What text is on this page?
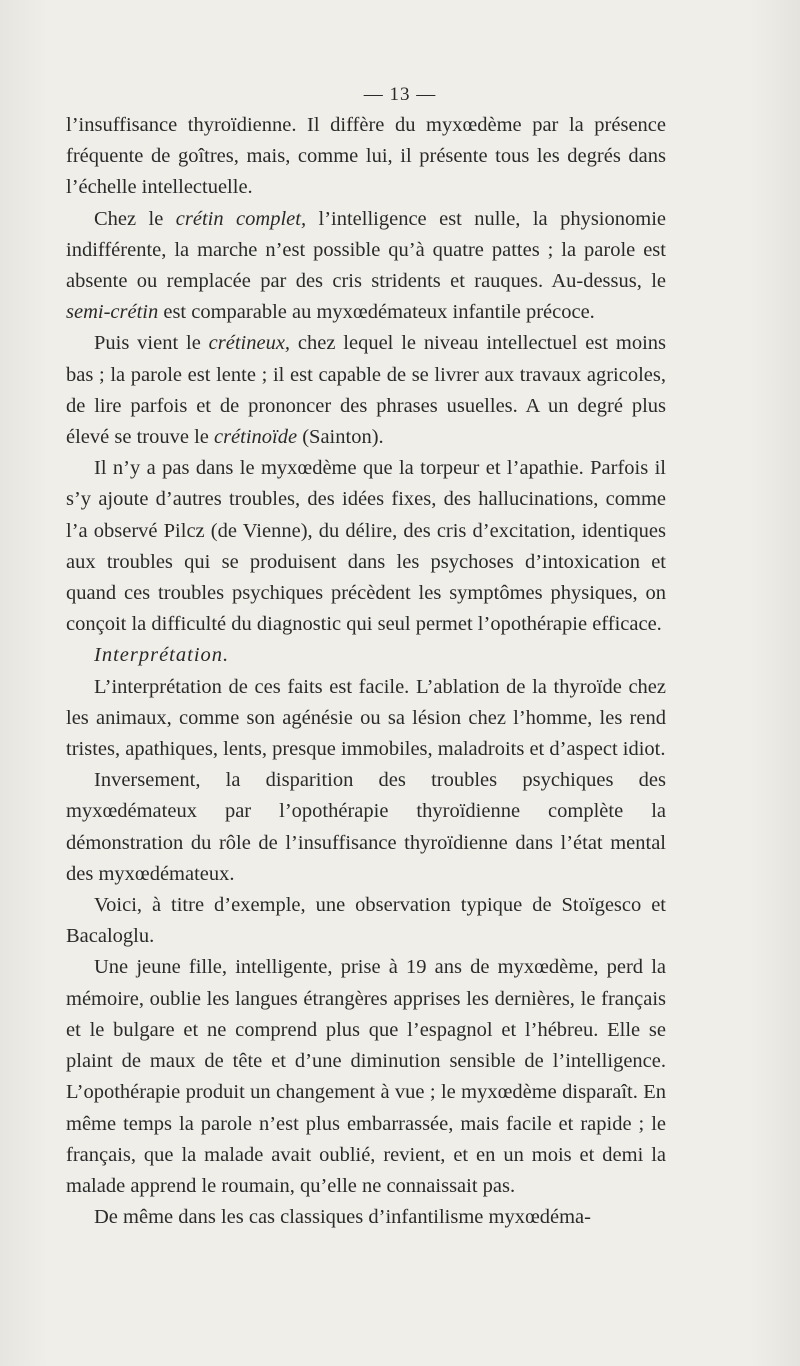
— 13 —

l’insuffisance thyroïdienne. Il diffère du myxœdème par la présence fréquente de goîtres, mais, comme lui, il présente tous les degrés dans l’échelle intellectuelle.

Chez le crétin complet, l’intelligence est nulle, la physionomie indifférente, la marche n’est possible qu’à quatre pattes ; la parole est absente ou remplacée par des cris stridents et rauques. Au-dessus, le semi-crétin est comparable au myxœdémateux infantile précoce.

Puis vient le crétineux, chez lequel le niveau intellectuel est moins bas ; la parole est lente ; il est capable de se livrer aux travaux agricoles, de lire parfois et de prononcer des phrases usuelles. A un degré plus élevé se trouve le crétinoïde (Sainton).

Il n’y a pas dans le myxœdème que la torpeur et l’apathie. Parfois il s’y ajoute d’autres troubles, des idées fixes, des hallucinations, comme l’a observé Pilcz (de Vienne), du délire, des cris d’excitation, identiques aux troubles qui se produisent dans les psychoses d’intoxication et quand ces troubles psychiques précèdent les symptômes physiques, on conçoit la difficulté du diagnostic qui seul permet l’opothérapie efficace.

Interprétation.

L’interprétation de ces faits est facile. L’ablation de la thyroïde chez les animaux, comme son agénésie ou sa lésion chez l’homme, les rend tristes, apathiques, lents, presque immobiles, maladroits et d’aspect idiot.

Inversement, la disparition des troubles psychiques des myxœdémateux par l’opothérapie thyroïdienne complète la démonstration du rôle de l’insuffisance thyroïdienne dans l’état mental des myxœdémateux.

Voici, à titre d’exemple, une observation typique de Stoïgesco et Bacaloglu.

Une jeune fille, intelligente, prise à 19 ans de myxœdème, perd la mémoire, oublie les langues étrangères apprises les dernières, le français et le bulgare et ne comprend plus que l’espagnol et l’hébreu. Elle se plaint de maux de tête et d’une diminution sensible de l’intelligence. L’opothérapie produit un changement à vue ; le myxœdème disparaît. En même temps la parole n’est plus embarrassée, mais facile et rapide ; le français, que la malade avait oublié, revient, et en un mois et demi la malade apprend le roumain, qu’elle ne connaissait pas.

De même dans les cas classiques d’infantilisme myxœdéma-
